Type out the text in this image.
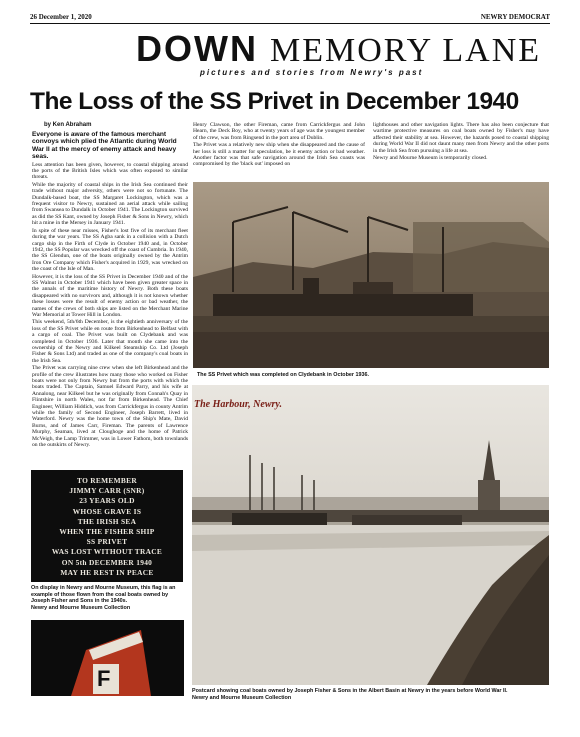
26 December 1, 2020	NEWRY DEMOCRAT
DOWN MEMORY LANE
pictures and stories from Newry's past
The Loss of the SS Privet in December 1940
by Ken Abraham
Everyone is aware of the famous merchant convoys which plied the Atlantic during World War II at the mercy of enemy attack and heavy seas.

Less attention has been given, however, to coastal shipping around the ports of the British Isles which was often exposed to similar threats.

While the majority of coastal ships in the Irish Sea continued their trade without major adversity, others were not so fortunate. The Dundalk-based boat, the SS Margaret Lockington, which was a frequent visitor to Newry, sustained an aerial attack while sailing from Swansea to Dundalk in October 1941. The Lockington survived as did the SS Kant, owned by Joseph Fisher & Sons in Newry, which hit a mine in the Mersey in January 1941.

In spite of these near misses, Fisher's lost five of its merchant fleet during the war years. The SS Agba sank in a collision with a Dutch cargo ship in the Firth of Clyde in October 1940 and, in October 1942, the SS Popular was wrecked off the coast of Cumbria. In 1940, the SS Glendun, one of the boats originally owned by the Antrim Iron Ore Company which Fisher's acquired in 1929, was wrecked on the coast of the Isle of Man.

However, it is the loss of the SS Privet in December 1940 and of the SS Walnut in October 1941 which have been given greater space in the annals of the maritime history of Newry. Both these boats disappeared with no survivors and, although it is not known whether these losses were the result of enemy action or bad weather, the names of the crews of both ships are listed on the Merchant Marine War Memorial at Tower Hill in London.

This weekend, 5th/6th December, is the eightieth anniversary of the loss of the SS Privet while en route from Birkenhead to Belfast with a cargo of coal. The Privet was built on Clydebank and was completed in October 1936. Later that month she came into the ownership of the Newry and Kilkeel Steamship Co. Ltd (Joseph Fisher & Sons Ltd) and traded as one of the company's coal boats in the Irish Sea.

The Privet was carrying nine crew when she left Birkenhead and the profile of the crew illustrates how many those who worked on Fisher boats were not only from Newry but from the ports with which the boats traded. The Captain, Samuel Edward Parry, and his wife at Annalong, near Kilkeel but he was originally from Connah's Quay in Flintshire in north Wales, not far from Birkenhead. The Chief Engineer, William Hiddich, was from Carrickfergus in county Antrim while the family of Second Engineer, Joseph Barrett, lived in Waterford. Newry was the home town of the Ship's Mate, David Burns, and of James Carr, Fireman. The parents of Lawrence Murphy, Seaman, lived at Cloughoge and the home of Patrick McVeigh, the Lamp Trimmer, was in Lower Fathom, both townlands on the outskirts of Newry.

Henry Clawson, the other Fireman, came from Carrickfergus and John Hearn, the Deck Boy, who at twenty years of age was the youngest member of the crew, was from Ringsend in the port area of Dublin.

The Privet was a relatively new ship when she disappeared and the cause of her loss is still a matter for speculation, be it enemy action or bad weather. Another factor was that safe navigation around the Irish Sea coasts was compromised by the 'black out' imposed on

lighthouses and other navigation lights. There has also been conjecture that wartime protective measures on coal boats owned by Fisher's may have affected their stability at sea. However, the hazards posed to coastal shipping during World War II did not daunt many men from Newry and the other ports in the Irish Sea from pursuing a life at sea.

Newry and Mourne Museum is temporarily closed.

The SS Privet which was completed on Clydebank in October 1936.
The Harbour, Newry.
Postcard showing coal boats owned by Joseph Fisher & Sons in the Albert Basin at Newry in the years before World War II.
Newry and Mourne Museum Collection
TO REMEMBER
JIMMY CARR (SNR)
23 YEARS OLD
WHOSE GRAVE IS
THE IRISH SEA
WHEN THE FISHER SHIP
SS PRIVET
WAS LOST WITHOUT TRACE
ON 5th DECEMBER 1940
MAY HE REST IN PEACE
On display in Newry and Mourne Museum, this flag is an example of those flown from the coal boats owned by Joseph Fisher and Sons in the 1940s.
Newry and Mourne Museum Collection
F
